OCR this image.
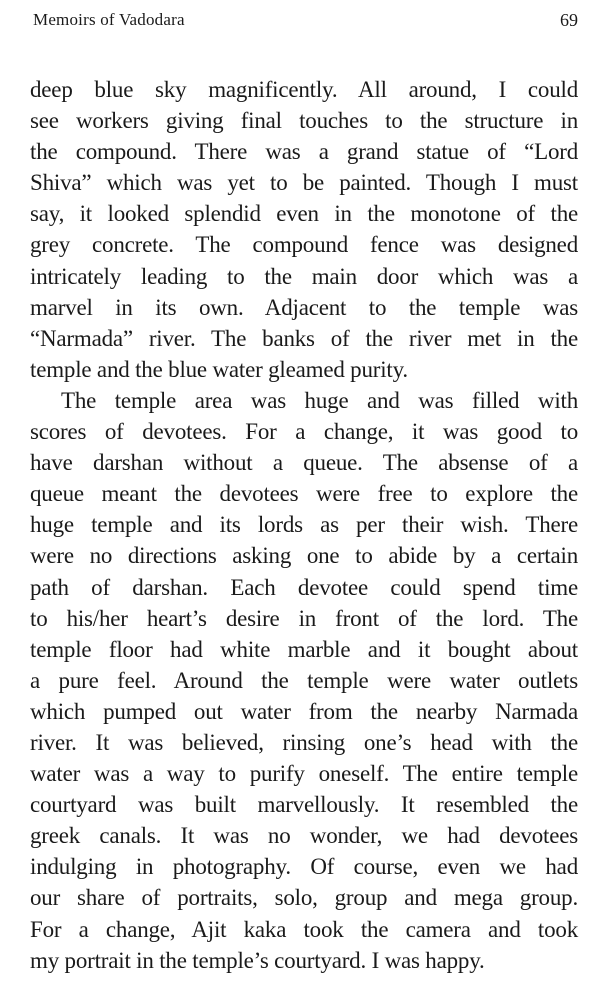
Memoirs of Vadodara	69

deep blue sky magnificently. All around, I could
see workers giving final touches to the structure in
the compound. There was a grand statue of “Lord
Shiva” which was yet to be painted. Though I must
say, it looked splendid even in the monotone of the
grey concrete. The compound fence was designed
intricately leading to the main door which was a
marvel in its own. Adjacent to the temple was
“Narmada” river. The banks of the river met in the
temple and the blue water gleamed purity.

The temple area was huge and was filled with
scores of devotees. For a change, it was good to
have darshan without a queue. The absense of a
queue meant the devotees were free to explore the
huge temple and its lords as per their wish. There
were no directions asking one to abide by a certain
path of darshan. Each devotee could spend time
to his/her heart’s desire in front of the lord. The
temple floor had white marble and it bought about
a pure feel. Around the temple were water outlets
which pumped out water from the nearby Narmada
river. It was believed, rinsing one’s head with the
water was a way to purify oneself. The entire temple
courtyard was built marvellously. It resembled the
greek canals. It was no wonder, we had devotees
indulging in photography. Of course, even we had
our share of portraits, solo, group and mega group.
For a change, Ajit kaka took the camera and took
my portrait in the temple’s courtyard. I was happy.
